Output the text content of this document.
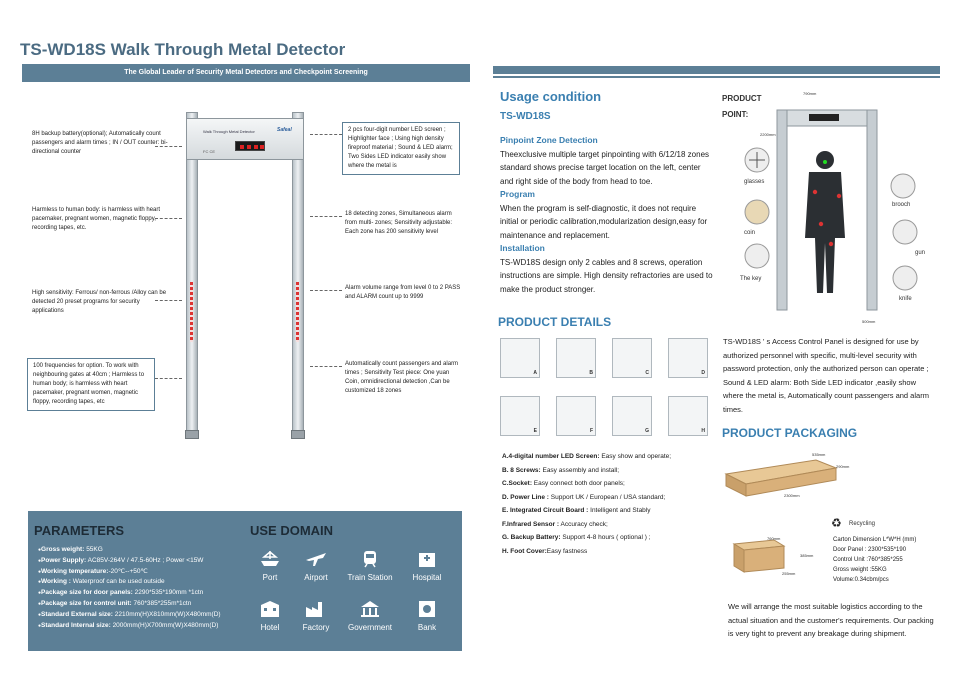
TS-WD18S Walk Through Metal Detector
The Global Leader of Security Metal Detectors and Checkpoint Screening
Walk Through Metal Detector	Safeal
FC CE
8H backup battery(optional); Automatically count passengers and alarm times ; IN / OUT counter: bi-directional counter
Harmless to human body: is harmless with heart pacemaker, pregnant women, magnetic floppy, recording tapes, etc.
High sensitivity: Ferrous/ non-ferrous /Alloy can be detected 20 preset programs for security applications
100 frequencies for option. To work with neighbouring gates at 40cm ; Harmless to human body; is harmless with heart pacemaker, pregnant women, magnetic floppy, recording tapes, etc
2 pcs four-digit number LED screen ; Highlighter face ; Using high density fireproof material ; Sound & LED alarm; Two Sides LED indicator easily show where the metal is
18 detecting zones, Simultaneous alarm from multi- zones; Sensitivity adjustable: Each zone has 200 sensitivity level
Alarm volume range from level 0 to 2 PASS and ALARM count up to 9999
Automatically count passengers and alarm times ; Sensitivity Test piece: One yuan Coin, omnidirectional detection ,Can be customized 18 zones
PARAMETERS
● Gross weight: 55KG
● Power Supply: AC85V-264V / 47.5-60Hz ; Power <15W
● Working temperature:-20℃--+50℃
● Working : Waterproof can be used outside
● Package size for door panels: 2290*535*190mm *1ctn
● Package size for control unit: 760*385*255m*1ctn
● Standard External size: 2210mm(H)X810mm(W)X480mm(D)
● Standard Internal size: 2000mm(H)X700mm(W)X480mm(D)
USE DOMAIN
Port	Airport	Train Station	Hospital
Hotel	Factory	Government	Bank
Usage condition
TS-WD18S
Pinpoint Zone Detection
Theexclusive multiple target pinpointing with 6/12/18 zones standard shows precise target location on the left, center and right side of the body from head to toe.
Program
When the program is self-diagnostic, it does not require initial or periodic calibration,modularization design,easy for maintenance and replacement.
Installation
TS-WD18S design only 2 cables and 8 screws, operation instructions are simple. High density refractories are used to make the product stronger.
PRODUCT
POINT:
790mm
2200mm
500mm
glasses
coin
The key
brooch
gun
knife
TS-WD18S ' s Access Control Panel is designed for use by authorized personnel with specific, multi-level security with password protection, only the authorized person can operate ; Sound & LED alarm: Both Side LED indicator ,easily show where the metal is, Automatically count passengers and alarm times.
PRODUCT DETAILS
A	B	C	D
E	F	G	H
A.4-digital number LED Screen: Easy show and operate;
B. 8 Screws: Easy assembly and install;
C.Socket: Easy connect both door panels;
D. Power Line : Support UK / European / USA standard;
E. Integrated Circuit Board : Intelligent and Stably
F.Infrared Sensor : Accuracy check;
G. Backup Battery: Support 4-8 hours ( optional ) ;
H. Foot Cover:Easy fastness
PRODUCT PACKAGING
535mm
290mm
2300mm
760mm
385mm
255mm
♻ Recycling
Carton Dimension L*W*H (mm)
Door Panel : 2300*535*190
Control Unit :760*385*255
Gross weight :55KG
Volume:0.34cbm/pcs
We will arrange the most suitable logistics according to the actual situation and the customer's requirements. Our packing is very tight to prevent any breakage during shipment.
